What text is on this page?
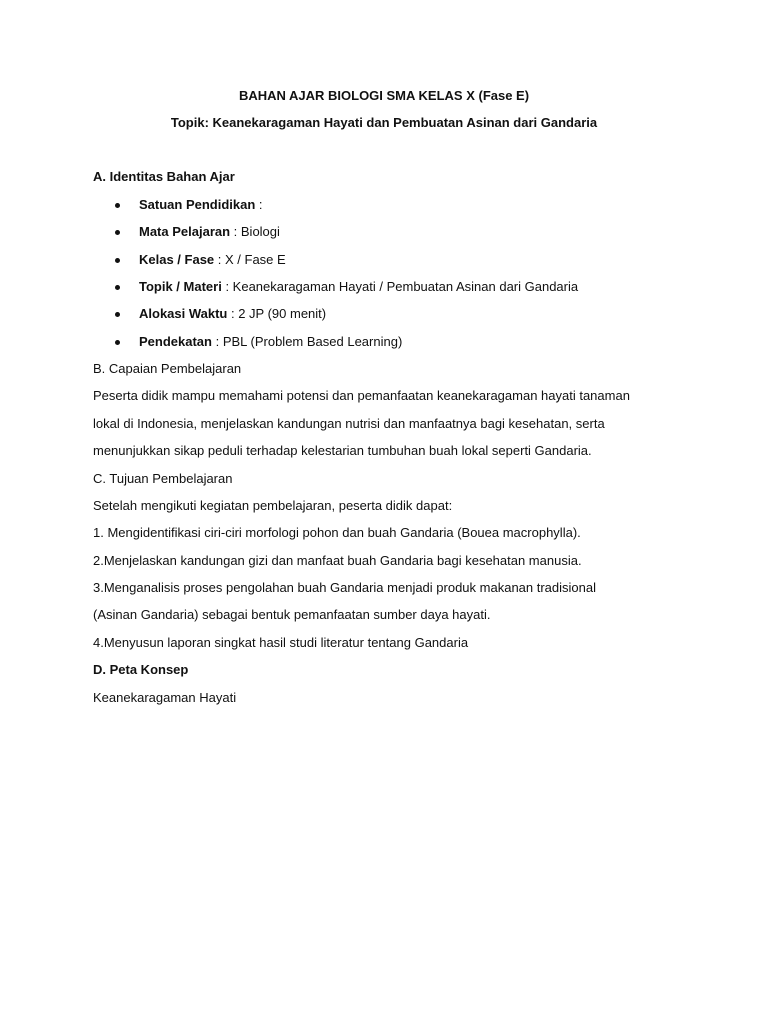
BAHAN AJAR BIOLOGI SMA KELAS X (Fase E)
Topik: Keanekaragaman Hayati dan Pembuatan Asinan dari Gandaria
A. Identitas Bahan Ajar
Satuan Pendidikan :
Mata Pelajaran : Biologi
Kelas / Fase : X / Fase E
Topik / Materi : Keanekaragaman Hayati / Pembuatan Asinan dari Gandaria
Alokasi Waktu : 2 JP (90 menit)
Pendekatan : PBL (Problem Based Learning)
B. Capaian Pembelajaran
Peserta didik mampu memahami potensi dan pemanfaatan keanekaragaman hayati tanaman
lokal di Indonesia, menjelaskan kandungan nutrisi dan manfaatnya bagi kesehatan, serta
menunjukkan sikap peduli terhadap kelestarian tumbuhan buah lokal seperti Gandaria.
C. Tujuan Pembelajaran
Setelah mengikuti kegiatan pembelajaran, peserta didik dapat:
1. Mengidentifikasi ciri-ciri morfologi pohon dan buah Gandaria (Bouea macrophylla).
2.Menjelaskan kandungan gizi dan manfaat buah Gandaria bagi kesehatan manusia.
3.Menganalisis proses pengolahan buah Gandaria menjadi produk makanan tradisional
(Asinan Gandaria) sebagai bentuk pemanfaatan sumber daya hayati.
4.Menyusun laporan singkat hasil studi literatur tentang Gandaria
D. Peta Konsep
Keanekaragaman Hayati
